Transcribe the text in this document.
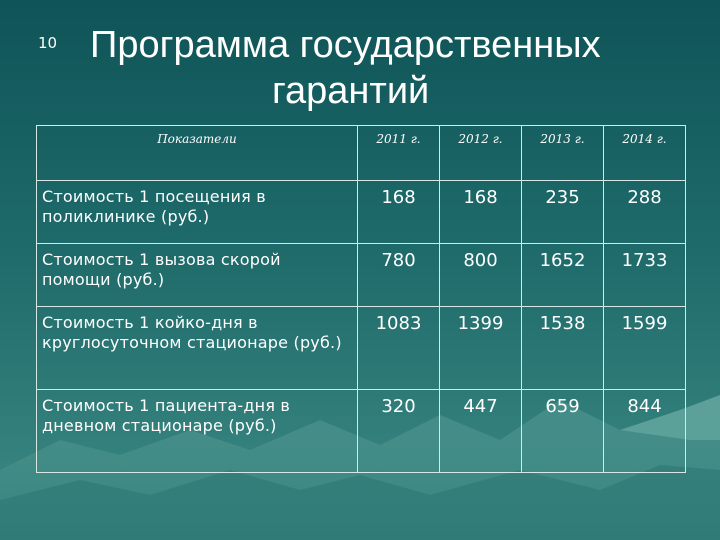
10 Программа государственных
гарантий
Показатели	2011 г.	2012 г.	2013 г.	2014 г.
Стоимость 1 посещения в поликлинике (руб.)	168	168	235	288
Стоимость 1 вызова скорой помощи (руб.)	780	800	1652	1733
Стоимость 1 койко-дня в круглосуточном стационаре (руб.)	1083	1399	1538	1599
Стоимость 1 пациента-дня в дневном стационаре (руб.)	320	447	659	844
